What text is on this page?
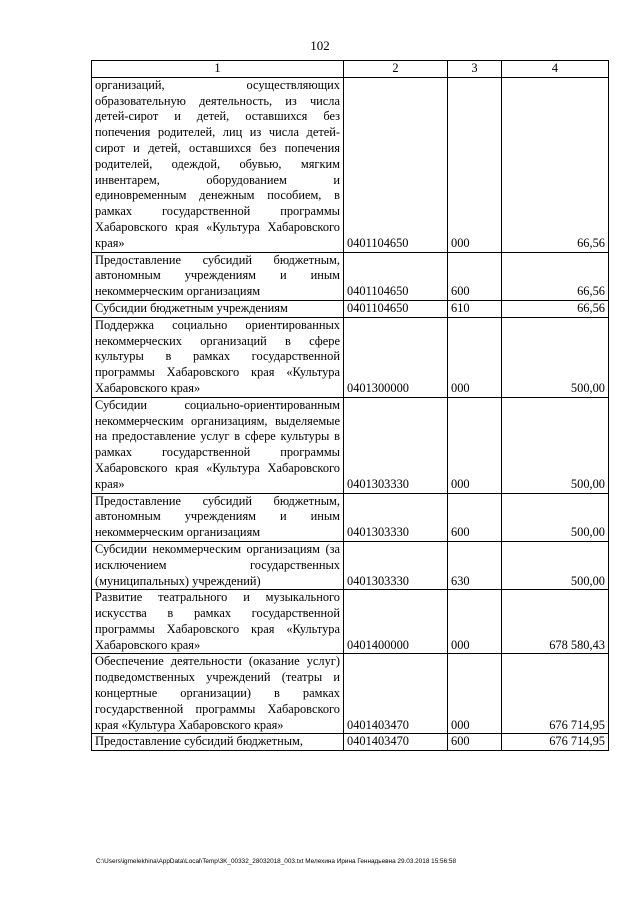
102
1	2	3	4
организаций, осуществляющих образовательную деятельность, из числа детей-сирот и детей, оставшихся без попечения родителей, лиц из числа детей-сирот и детей, оставшихся без попечения родителей, одеждой, обувью, мягким инвентарем, оборудованием и единовременным денежным пособием, в рамках государственной программы Хабаровского края «Культура Хабаровского края»	0401104650	000	66,56
Предоставление субсидий бюджетным, автономным учреждениям и иным некоммерческим организациям	0401104650	600	66,56
Субсидии бюджетным учреждениям	0401104650	610	66,56
Поддержка социально ориентированных некоммерческих организаций в сфере культуры в рамках государственной программы Хабаровского края «Культура Хабаровского края»	0401300000	000	500,00
Субсидии социально-ориентированным некоммерческим организациям, выделяемые на предоставление услуг в сфере культуры в рамках государственной программы Хабаровского края «Культура Хабаровского края»	0401303330	000	500,00
Предоставление субсидий бюджетным, автономным учреждениям и иным некоммерческим организациям	0401303330	600	500,00
Субсидии некоммерческим организациям (за исключением государственных (муниципальных) учреждений)	0401303330	630	500,00
Развитие театрального и музыкального искусства в рамках государственной программы Хабаровского края «Культура Хабаровского края»	0401400000	000	678 580,43
Обеспечение деятельности (оказание услуг) подведомственных учреждений (театры и концертные организации) в рамках государственной программы Хабаровского края «Культура Хабаровского края»	0401403470	000	676 714,95
Предоставление субсидий бюджетным,	0401403470	600	676 714,95
C:\Users\igmelekhina\AppData\Local\Temp\3K_00332_28032018_003.txt Мелехина Ирина Геннадьевна 29.03.2018 15:56:58
